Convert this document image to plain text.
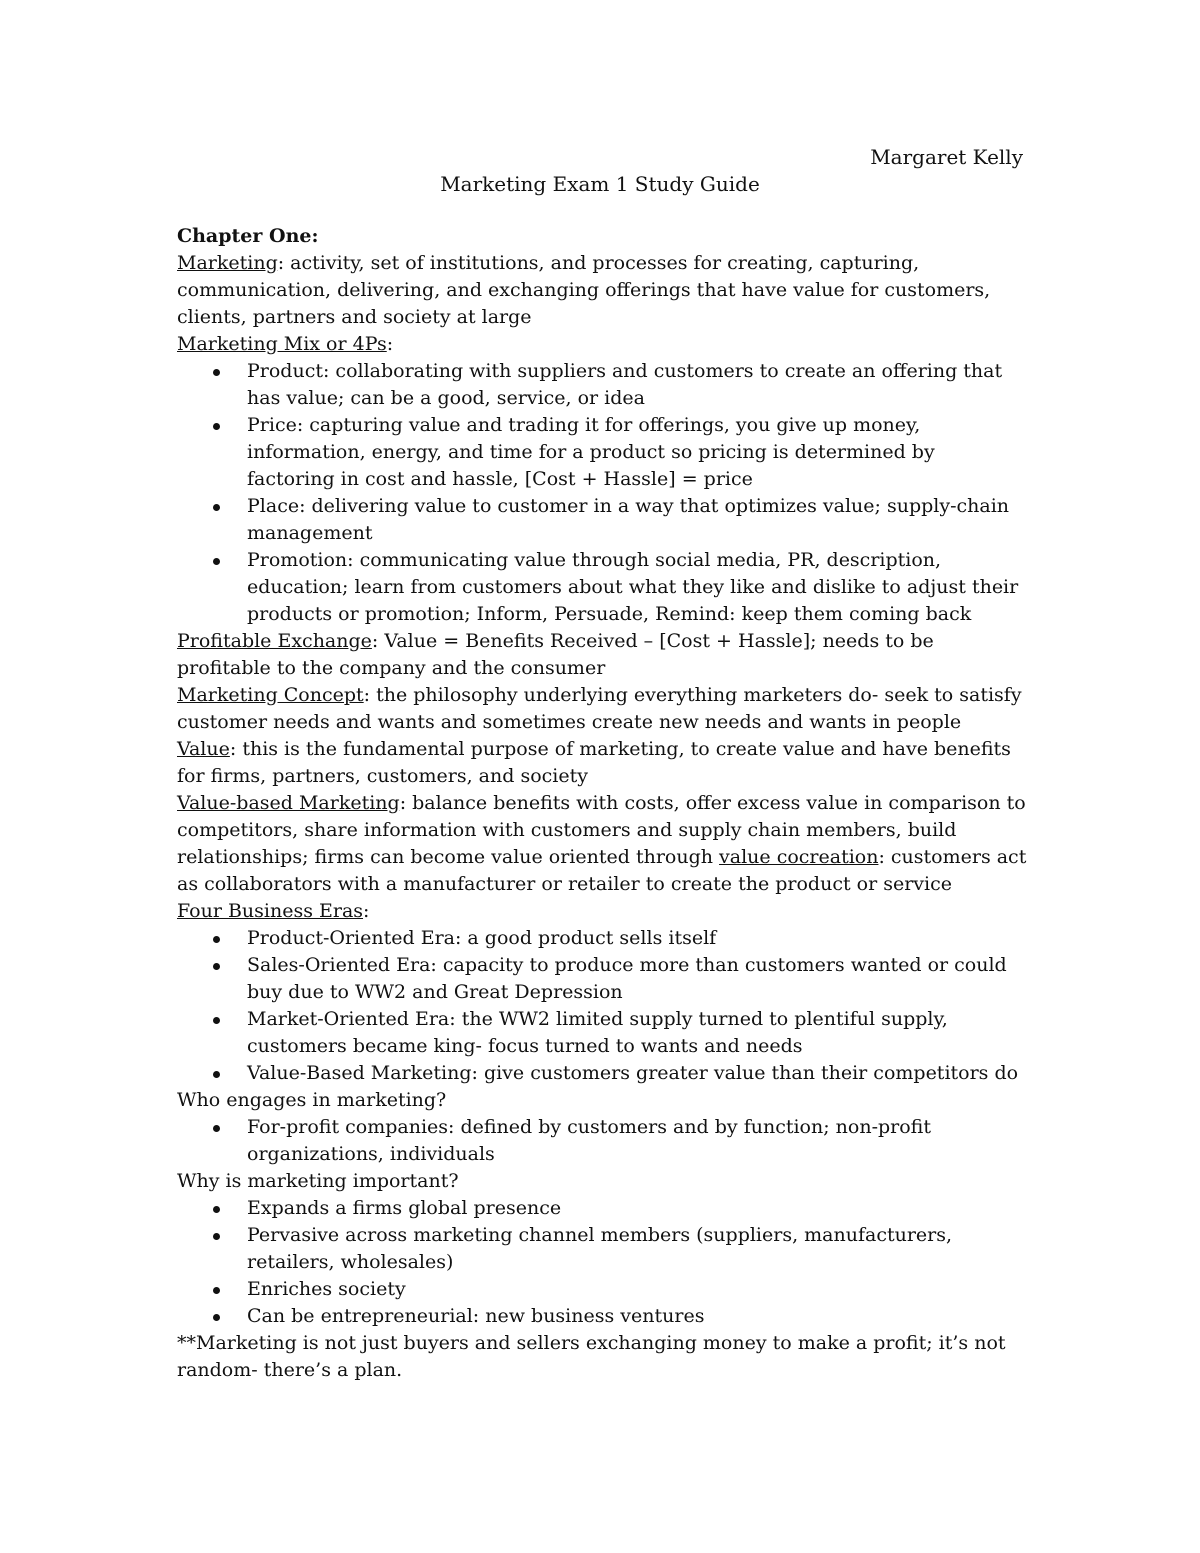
Margaret Kelly
Marketing Exam 1 Study Guide

Chapter One:

Marketing: activity, set of institutions, and processes for creating, capturing, communication, delivering, and exchanging offerings that have value for customers, clients, partners and society at large

Marketing Mix or 4Ps:

Product: collaborating with suppliers and customers to create an offering that has value; can be a good, service, or idea
Price: capturing value and trading it for offerings, you give up money, information, energy, and time for a product so pricing is determined by factoring in cost and hassle, [Cost + Hassle] = price
Place: delivering value to customer in a way that optimizes value; supply-chain management
Promotion: communicating value through social media, PR, description, education; learn from customers about what they like and dislike to adjust their products or promotion; Inform, Persuade, Remind: keep them coming back

Profitable Exchange: Value = Benefits Received – [Cost + Hassle]; needs to be profitable to the company and the consumer

Marketing Concept: the philosophy underlying everything marketers do- seek to satisfy customer needs and wants and sometimes create new needs and wants in people

Value: this is the fundamental purpose of marketing, to create value and have benefits for firms, partners, customers, and society

Value-based Marketing: balance benefits with costs, offer excess value in comparison to competitors, share information with customers and supply chain members, build relationships; firms can become value oriented through value cocreation: customers act as collaborators with a manufacturer or retailer to create the product or service

Four Business Eras:

Product-Oriented Era: a good product sells itself
Sales-Oriented Era: capacity to produce more than customers wanted or could buy due to WW2 and Great Depression
Market-Oriented Era: the WW2 limited supply turned to plentiful supply, customers became king- focus turned to wants and needs
Value-Based Marketing: give customers greater value than their competitors do

Who engages in marketing?

For-profit companies: defined by customers and by function; non-profit organizations, individuals

Why is marketing important?

Expands a firms global presence
Pervasive across marketing channel members (suppliers, manufacturers, retailers, wholesales)
Enriches society
Can be entrepreneurial: new business ventures

**Marketing is not just buyers and sellers exchanging money to make a profit; it’s not random- there’s a plan.
